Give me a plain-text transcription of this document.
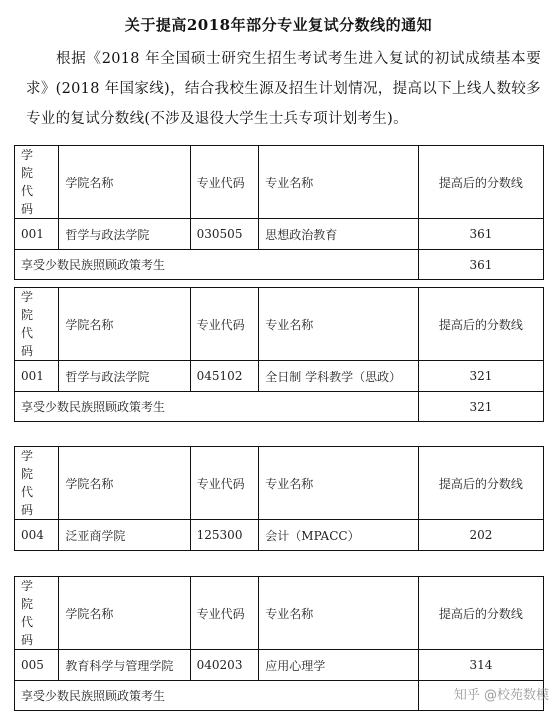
关于提高2018年部分专业复试分数线的通知
根据《2018 年全国硕士研究生招生考试考生进入复试的初试成绩基本要求》(2018 年国家线)，结合我校生源及招生计划情况，提高以下上线人数较多专业的复试分数线(不涉及退役大学生士兵专项计划考生)。
学院代码	学院名称	专业代码	专业名称	提高后的分数线
001	哲学与政法学院	030505	思想政治教育	361
享受少数民族照顾政策考生				361
学院代码	学院名称	专业代码	专业名称	提高后的分数线
001	哲学与政法学院	045102	全日制 学科教学（思政）	321
享受少数民族照顾政策考生				321
学院代码	学院名称	专业代码	专业名称	提高后的分数线
004	泛亚商学院	125300	会计（MPACC）	202
学院代码	学院名称	专业代码	专业名称	提高后的分数线
005	教育科学与管理学院	040203	应用心理学	314
享受少数民族照顾政策考生					知乎 @校苑数模
